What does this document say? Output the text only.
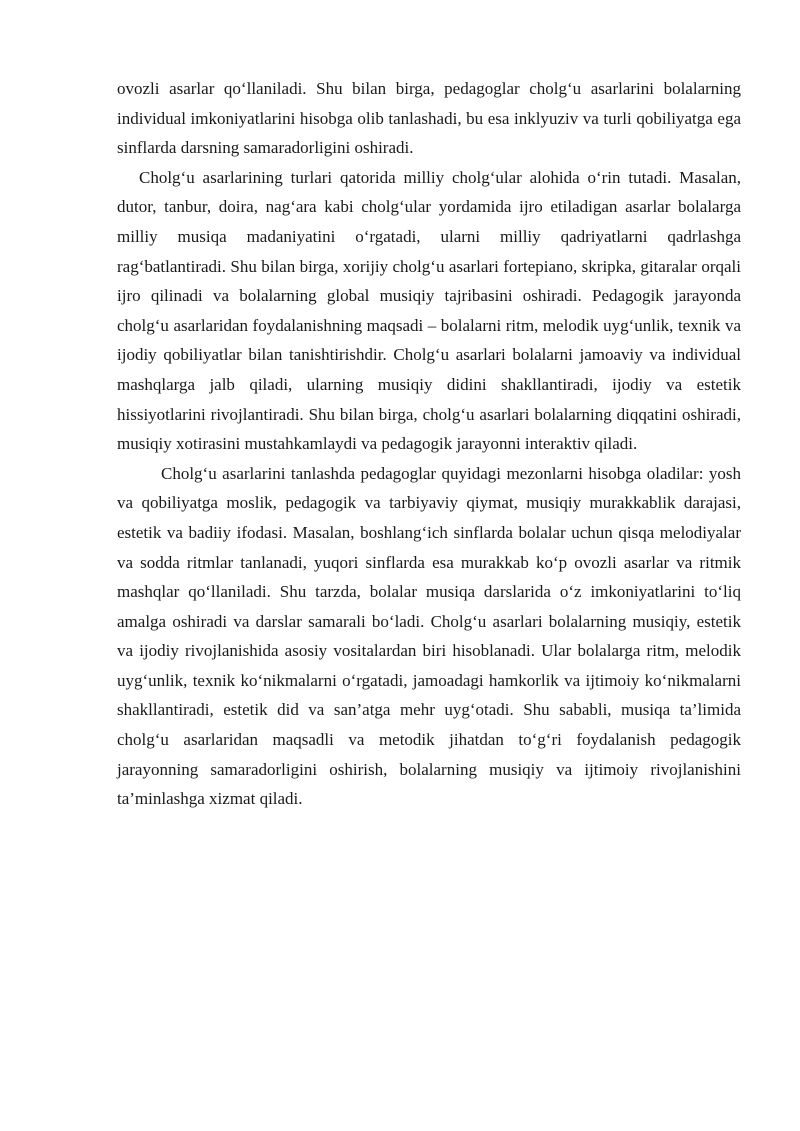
ovozli asarlar qo‘llaniladi. Shu bilan birga, pedagoglar cholg‘u asarlarini bolalarning individual imkoniyatlarini hisobga olib tanlashadi, bu esa inklyuziv va turli qobiliyatga ega sinflarda darsning samaradorligini oshiradi.

Cholg‘u asarlarining turlari qatorida milliy cholg‘ular alohida o‘rin tutadi. Masalan, dutor, tanbur, doira, nag‘ara kabi cholg‘ular yordamida ijro etiladigan asarlar bolalarga milliy musiqa madaniyatini o‘rgatadi, ularni milliy qadriyatlarni qadrlashga rag‘batlantiradi. Shu bilan birga, xorijiy cholg‘u asarlari fortepiano, skripka, gitaralar orqali ijro qilinadi va bolalarning global musiqiy tajribasini oshiradi. Pedagogik jarayonda cholg‘u asarlaridan foydalanishning maqsadi – bolalarni ritm, melodik uyg‘unlik, texnik va ijodiy qobiliyatlar bilan tanishtirishdir. Cholg‘u asarlari bolalarni jamoaviy va individual mashqlarga jalb qiladi, ularning musiqiy didini shakllantiradi, ijodiy va estetik hissiyotlarini rivojlantiradi. Shu bilan birga, cholg‘u asarlari bolalarning diqqatini oshiradi, musiqiy xotirasini mustahkamlaydi va pedagogik jarayonni interaktiv qiladi.

Cholg‘u asarlarini tanlashda pedagoglar quyidagi mezonlarni hisobga oladilar: yosh va qobiliyatga moslik, pedagogik va tarbiyaviy qiymat, musiqiy murakkablik darajasi, estetik va badiiy ifodasi. Masalan, boshlang‘ich sinflarda bolalar uchun qisqa melodiyalar va sodda ritmlar tanlanadi, yuqori sinflarda esa murakkab ko‘p ovozli asarlar va ritmik mashqlar qo‘llaniladi. Shu tarzda, bolalar musiqa darslarida o‘z imkoniyatlarini to‘liq amalga oshiradi va darslar samarali bo‘ladi. Cholg‘u asarlari bolalarning musiqiy, estetik va ijodiy rivojlanishida asosiy vositalardan biri hisoblanadi. Ular bolalarga ritm, melodik uyg‘unlik, texnik ko‘nikmalarni o‘rgatadi, jamoadagi hamkorlik va ijtimoiy ko‘nikmalarni shakllantiradi, estetik did va san’atga mehr uyg‘otadi. Shu sababli, musiqa ta’limida cholg‘u asarlaridan maqsadli va metodik jihatdan to‘g‘ri foydalanish pedagogik jarayonning samaradorligini oshirish, bolalarning musiqiy va ijtimoiy rivojlanishini ta’minlashga xizmat qiladi.
